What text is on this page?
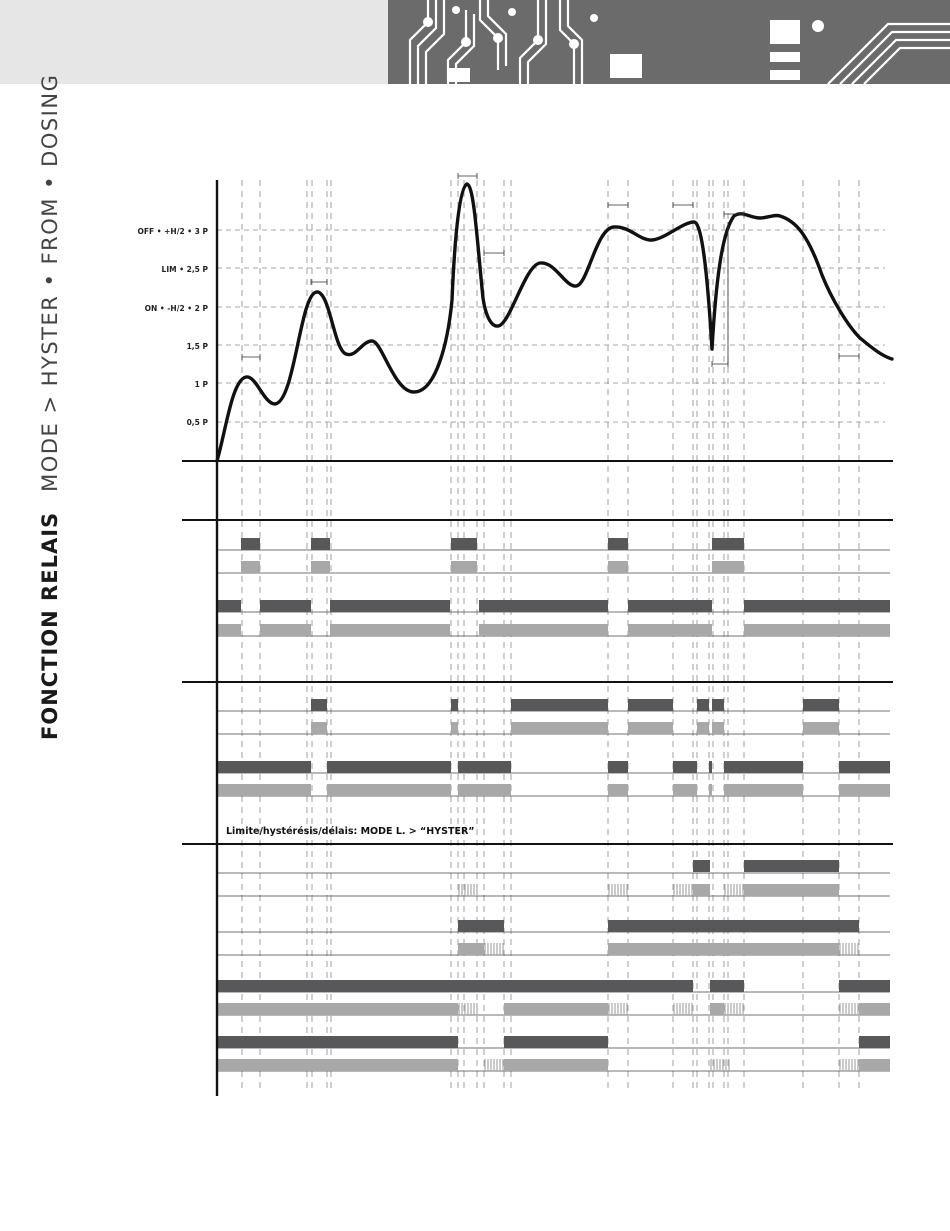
FONCTION RELAIS   MODE > HYSTER • FROM • DOSING	OFF • +H/2 • 3 P
LIM • 2,5 P
ON • -H/2 • 2 P
1,5 P
1 P
0,5 P
Limite/hystérésis/délais: MODE L. > “HYSTER”
